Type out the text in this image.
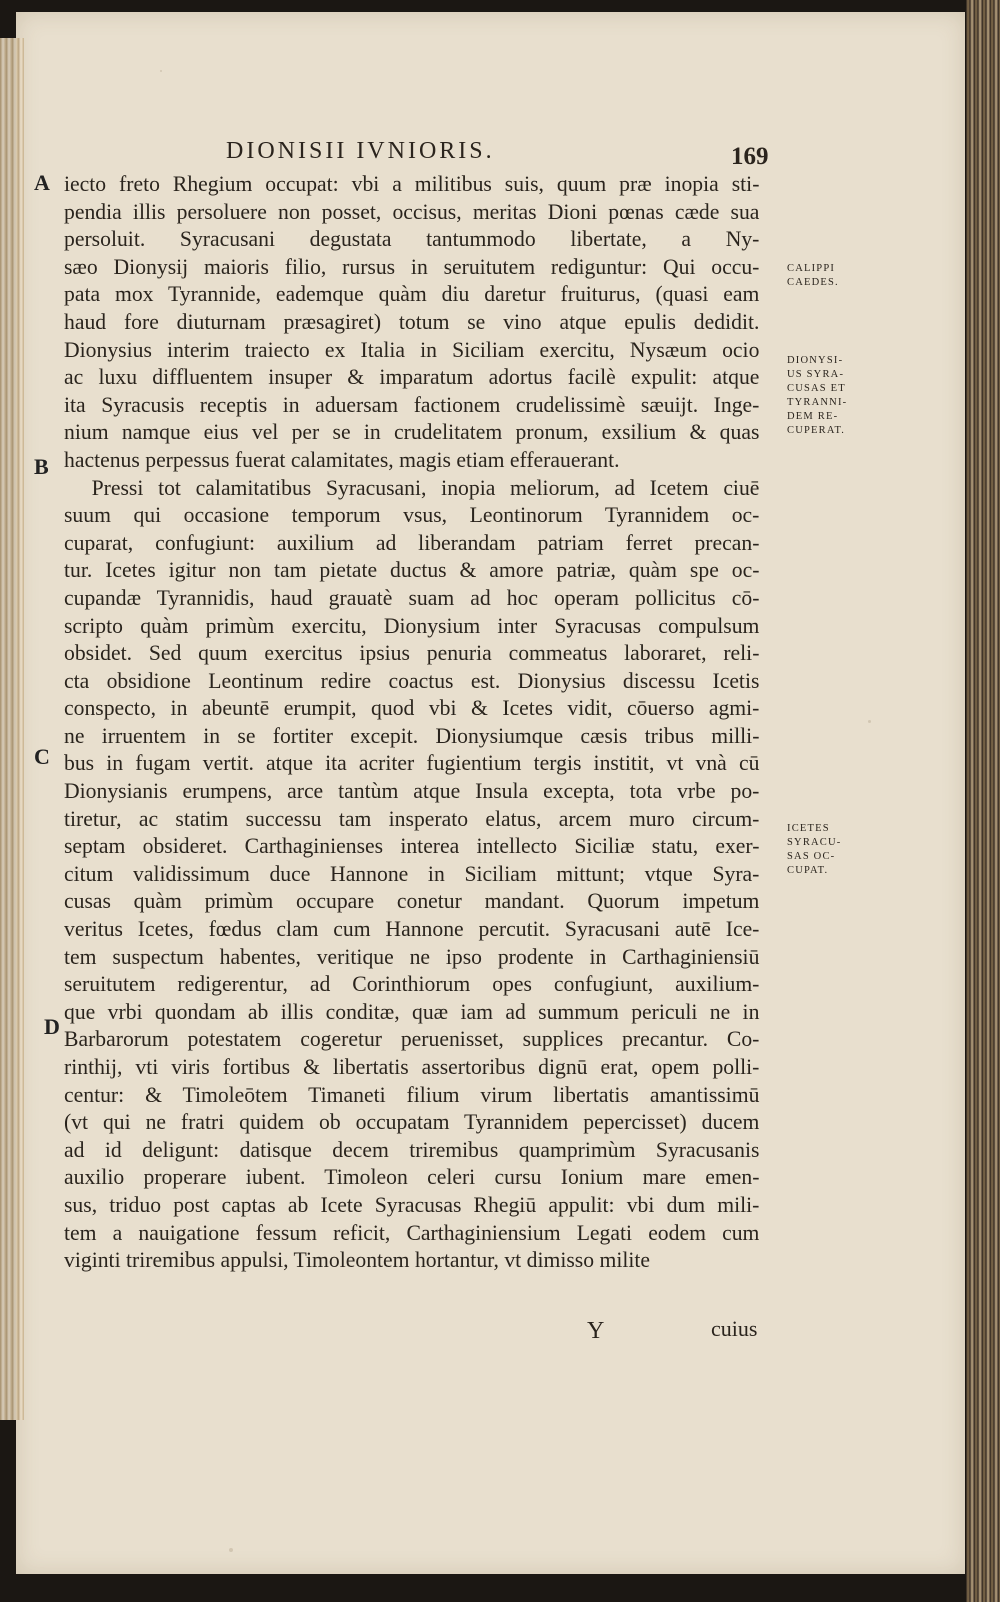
DIONISII IVNIORIS.	169
A
B
C
D
iecto freto Rhegium occupat: vbi a militibus suis, quum præ inopia sti-
pendia illis persoluere non posset, occisus, meritas Dioni pœnas cæde sua
persoluit. Syracusani degustata tantummodo libertate, a Ny-
sæo Dionysij maioris filio, rursus in seruitutem rediguntur: Qui occu-
pata mox Tyrannide, eademque quàm diu daretur fruiturus, (quasi eam
haud fore diuturnam præsagiret) totum se vino atque epulis dedidit.
Dionysius interim traiecto ex Italia in Siciliam exercitu, Nysæum ocio
ac luxu diffluentem insuper & imparatum adortus facilè expulit: atque
ita Syracusis receptis in aduersam factionem crudelissimè sæuijt. Inge-
nium namque eius vel per se in crudelitatem pronum, exsilium & quas
hactenus perpessus fuerat calamitates, magis etiam efferauerant.
Pressi tot calamitatibus Syracusani, inopia meliorum, ad Icetem ciuē
suum qui occasione temporum vsus, Leontinorum Tyrannidem oc-
cuparat, confugiunt: auxilium ad liberandam patriam ferret precan-
tur. Icetes igitur non tam pietate ductus & amore patriæ, quàm spe oc-
cupandæ Tyrannidis, haud grauatè suam ad hoc operam pollicitus cō-
scripto quàm primùm exercitu, Dionysium inter Syracusas compulsum
obsidet. Sed quum exercitus ipsius penuria commeatus laboraret, reli-
cta obsidione Leontinum redire coactus est. Dionysius discessu Icetis
conspecto, in abeuntē erumpit, quod vbi & Icetes vidit, cōuerso agmi-
ne irruentem in se fortiter excepit. Dionysiumque cæsis tribus milli-
bus in fugam vertit. atque ita acriter fugientium tergis institit, vt vnà cū
Dionysianis erumpens, arce tantùm atque Insula excepta, tota vrbe po-
tiretur, ac statim successu tam insperato elatus, arcem muro circum-
septam obsideret. Carthaginienses interea intellecto Siciliæ statu, exer-
citum validissimum duce Hannone in Siciliam mittunt; vtque Syra-
cusas quàm primùm occupare conetur mandant. Quorum impetum
veritus Icetes, fœdus clam cum Hannone percutit. Syracusani autē Ice-
tem suspectum habentes, veritique ne ipso prodente in Carthaginiensiū
seruitutem redigerentur, ad Corinthiorum opes confugiunt, auxilium-
que vrbi quondam ab illis conditæ, quæ iam ad summum periculi ne in
Barbarorum potestatem cogeretur peruenisset, supplices precantur. Co-
rinthij, vti viris fortibus & libertatis assertoribus dignū erat, opem polli-
centur: & Timoleōtem Timaneti filium virum libertatis amantissimū
(vt qui ne fratri quidem ob occupatam Tyrannidem pepercisset) ducem
ad id deligunt: datisque decem triremibus quamprimùm Syracusanis
auxilio properare iubent. Timoleon celeri cursu Ionium mare emen-
sus, triduo post captas ab Icete Syracusas Rhegiū appulit: vbi dum mili-
tem a nauigatione fessum reficit, Carthaginiensium Legati eodem cum
viginti triremibus appulsi, Timoleontem hortantur, vt dimisso milite
CALIPPI
CAEDES.
DIONYSI-
US SYRA-
CUSAS ET
TYRANNI-
DEM RE-
CUPERAT.
ICETES
SYRACU-
SAS OC-
CUPAT.
Y	cuius
